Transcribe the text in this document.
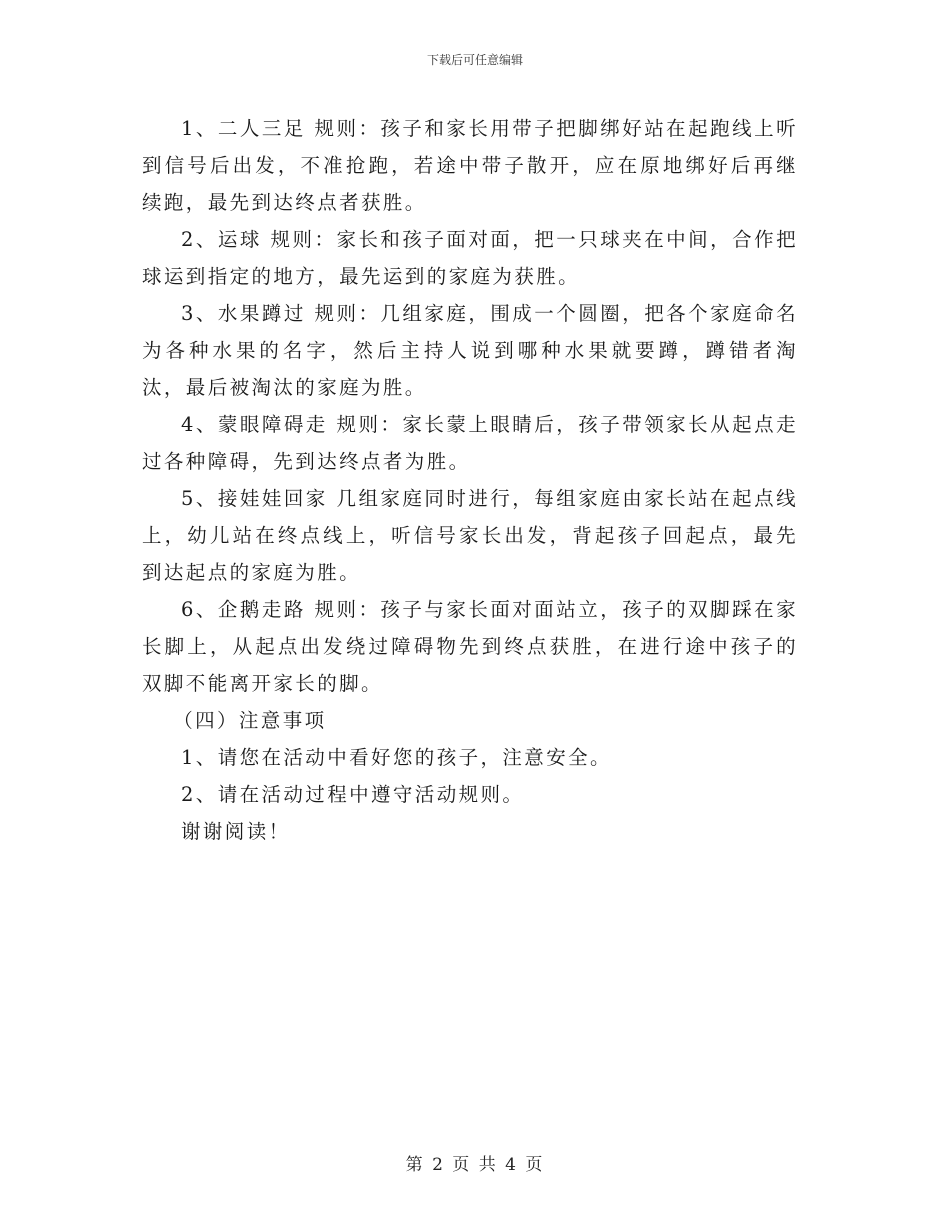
下载后可任意编辑

1、二人三足 规则：孩子和家长用带子把脚绑好站在起跑线上听到信号后出发，不准抢跑，若途中带子散开，应在原地绑好后再继续跑，最先到达终点者获胜。

2、运球 规则：家长和孩子面对面，把一只球夹在中间，合作把球运到指定的地方，最先运到的家庭为获胜。

3、水果蹲过 规则：几组家庭，围成一个圆圈，把各个家庭命名为各种水果的名字，然后主持人说到哪种水果就要蹲，蹲错者淘汰，最后被淘汰的家庭为胜。

4、蒙眼障碍走 规则：家长蒙上眼睛后，孩子带领家长从起点走过各种障碍，先到达终点者为胜。

5、接娃娃回家 几组家庭同时进行，每组家庭由家长站在起点线上，幼儿站在终点线上，听信号家长出发，背起孩子回起点，最先到达起点的家庭为胜。

6、企鹅走路 规则：孩子与家长面对面站立，孩子的双脚踩在家长脚上，从起点出发绕过障碍物先到终点获胜，在进行途中孩子的双脚不能离开家长的脚。

（四）注意事项

1、请您在活动中看好您的孩子，注意安全。

2、请在活动过程中遵守活动规则。

谢谢阅读！

第 2 页 共 4 页
